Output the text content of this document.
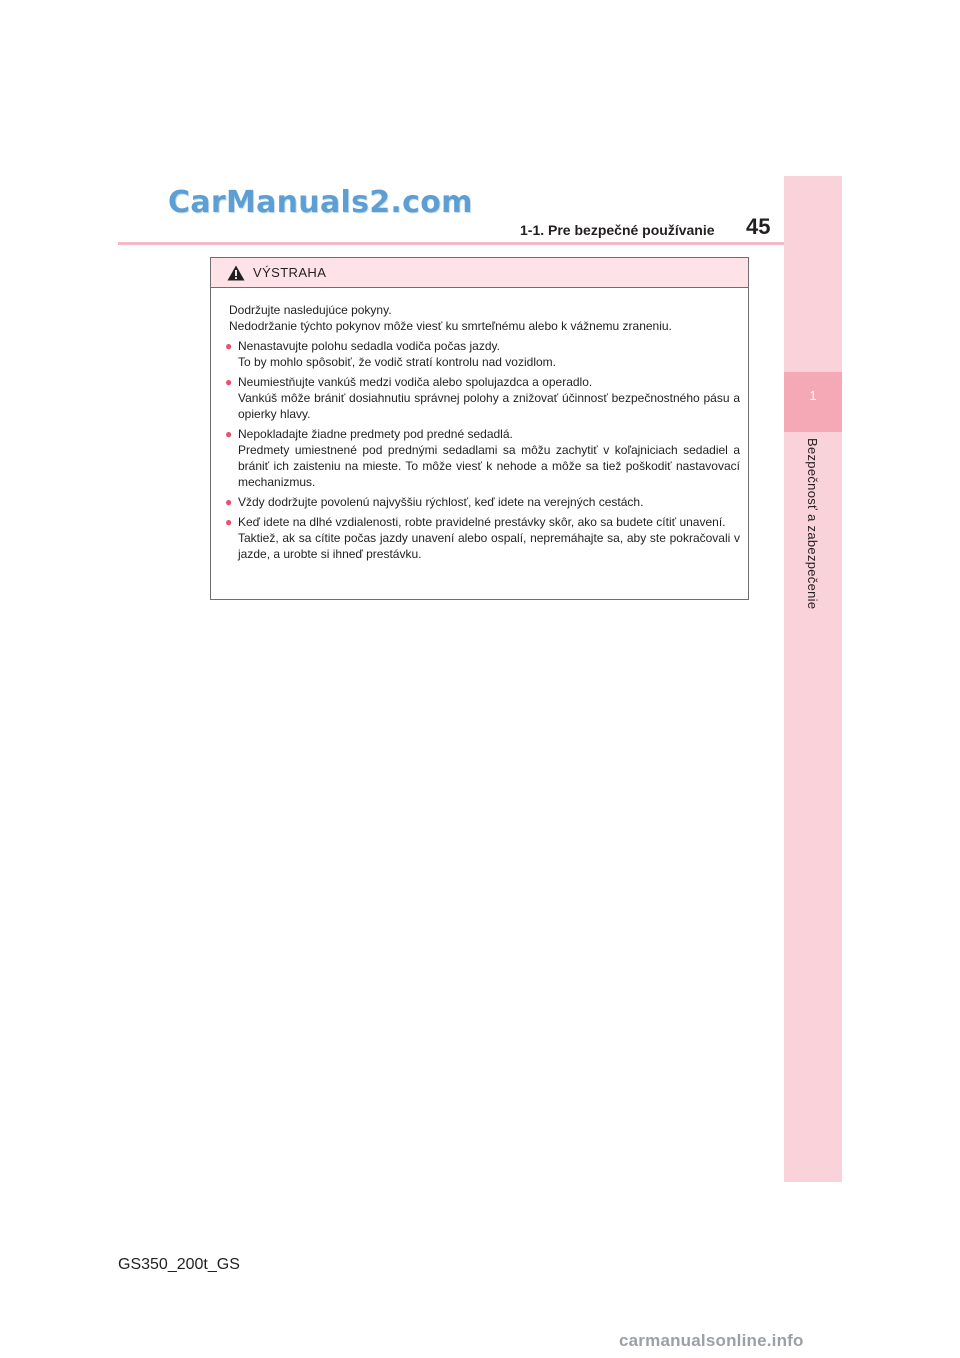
CarManuals2.com
1-1. Pre bezpečné používanie 45
1
Bezpečnosť a zabezpečenie
VÝSTRAHA

Dodržujte nasledujúce pokyny.

Nedodržanie týchto pokynov môže viesť ku smrteľnému alebo k vážnemu zraneniu.

● Nenastavujte polohu sedadla vodiča počas jazdy.

To by mohlo spôsobiť, že vodič stratí kontrolu nad vozidlom.

● Neumiestňujte vankúš medzi vodiča alebo spolujazdca a operadlo.

Vankúš môže brániť dosiahnutiu správnej polohy a znižovať účinnosť bezpečnostného pásu a opierky hlavy.

● Nepokladajte žiadne predmety pod predné sedadlá.

Predmety umiestnené pod prednými sedadlami sa môžu zachytiť v koľajniciach sedadiel a brániť ich zaisteniu na mieste. To môže viesť k nehode a môže sa tiež poškodiť nastavovací mechanizmus.

● Vždy dodržujte povolenú najvyššiu rýchlosť, keď idete na verejných cestách.

● Keď idete na dlhé vzdialenosti, robte pravidelné prestávky skôr, ako sa budete cítiť unavení.

Taktiež, ak sa cítite počas jazdy unavení alebo ospalí, nepremáhajte sa, aby ste pokračovali v jazde, a urobte si ihneď prestávku.

GS350_200t_GS
carmanualsonline.info
